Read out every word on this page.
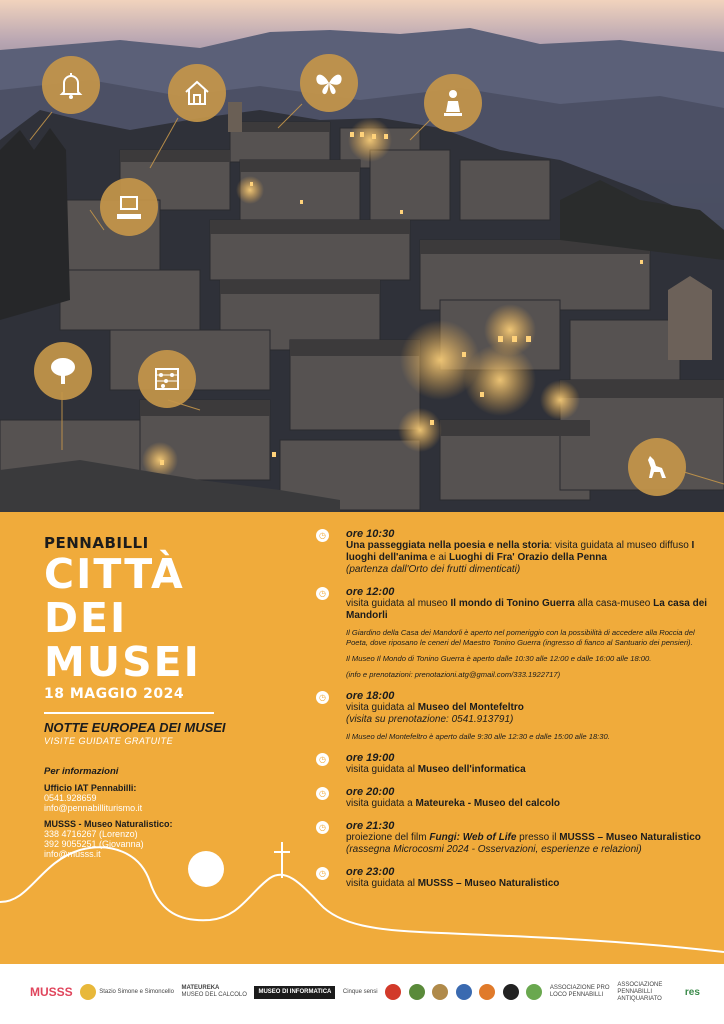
PENNABILLI
CITTÀ
DEI
MUSEI
18 MAGGIO 2024
NOTTE EUROPEA DEI MUSEI
VISITE GUIDATE GRATUITE
Per informazioni
Ufficio IAT Pennabilli:
0541.928659
info@pennabilliturismo.it
MUSSS - Museo Naturalistico:
338 4716267 (Lorenzo)
392 9055251 (Giovanna)
info@musss.it
◷ ore 10:30
Una passeggiata nella poesia e nella storia: visita guidata al museo diffuso I luoghi dell'anima e ai Luoghi di Fra' Orazio della Penna
(partenza dall'Orto dei frutti dimenticati)
◷ ore 12:00
visita guidata al museo Il mondo di Tonino Guerra alla casa-museo La casa dei Mandorli
Il Giardino della Casa dei Mandorli è aperto nel pomeriggio con la possibilità di accedere alla Roccia del Poeta, dove riposano le ceneri del Maestro Tonino Guerra (ingresso di fianco al Santuario dei pensieri).
Il Museo Il Mondo di Tonino Guerra è aperto dalle 10:30 alle 12:00 e dalle 16:00 alle 18:00.
(info e prenotazioni: prenotazioni.atg@gmail.com/333.1922717)
◷ ore 18:00
visita guidata al Museo del Montefeltro
(visita su prenotazione: 0541.913791)
Il Museo del Montefeltro è aperto dalle 9:30 alle 12:30 e dalle 15:00 alle 18:30.
◷ ore 19:00
visita guidata al Museo dell'informatica
◷ ore 20:00
visita guidata a Mateureka - Museo del calcolo
◷ ore 21:30
proiezione del film Fungi: Web of Life presso il MUSSS – Museo Naturalistico
(rassegna Microcosmi 2024 - Osservazioni, esperienze e relazioni)
◷ ore 23:00
visita guidata al MUSSS – Museo Naturalistico
MUSSS	Stazio Simone e Simoncello
MATEUREKA
MUSEO DEL CALCOLO
MUSEO DI INFORMATICA	Cinque sensi
ASSOCIAZIONE PRO LOCO PENNABILLI
ASSOCIAZIONE PENNABILLI ANTIQUARIATO
res
